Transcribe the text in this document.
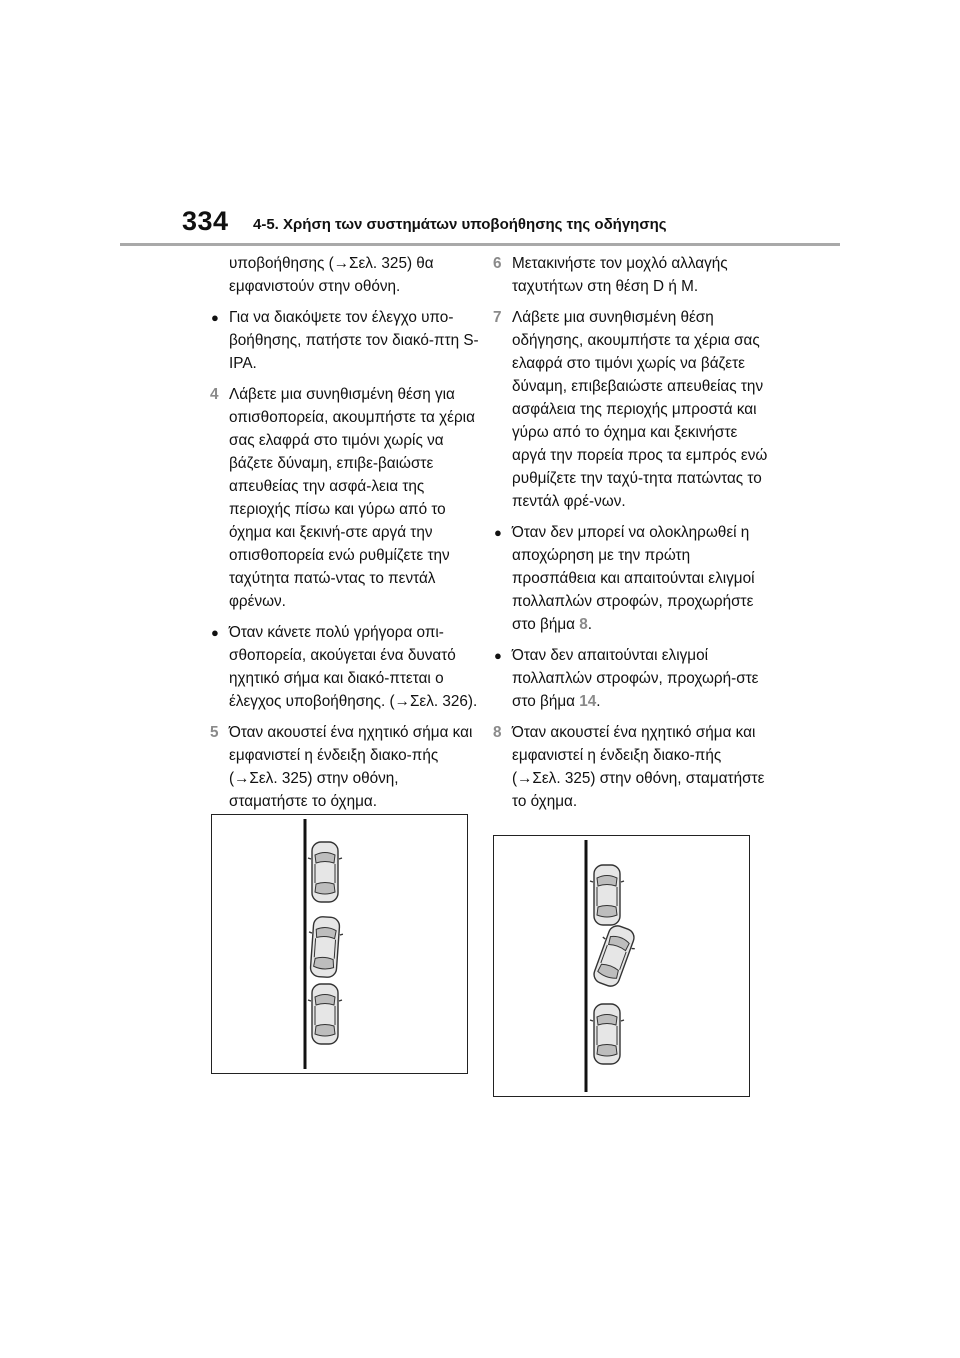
334 4-5. Χρήση των συστημάτων υποβοήθησης της οδήγησης

υποβοήθησης (→Σελ. 325) θα εμφανιστούν στην οθόνη.

● Για να διακόψετε τον έλεγχο υπο-βοήθησης, πατήστε τον διακό-πτη S-IPA.

4 Λάβετε μια συνηθισμένη θέση για οπισθοπορεία, ακουμπήστε τα χέρια σας ελαφρά στο τιμόνι χωρίς να βάζετε δύναμη, επιβε-βαιώστε απευθείας την ασφά-λεια της περιοχής πίσω και γύρω από το όχημα και ξεκινή-στε αργά την οπισθοπορεία ενώ ρυθμίζετε την ταχύτητα πατώ-ντας το πεντάλ φρένων.

● Όταν κάνετε πολύ γρήγορα οπι-σθοπορεία, ακούγεται ένα δυνατό ηχητικό σήμα και διακό-πτεται ο έλεγχος υποβοήθησης. (→Σελ. 326).

5 Όταν ακουστεί ένα ηχητικό σήμα και εμφανιστεί η ένδειξη διακο-πής (→Σελ. 325) στην οθόνη, σταματήστε το όχημα.

6 Μετακινήστε τον μοχλό αλλαγής ταχυτήτων στη θέση D ή M.

7 Λάβετε μια συνηθισμένη θέση οδήγησης, ακουμπήστε τα χέρια σας ελαφρά στο τιμόνι χωρίς να βάζετε δύναμη, επιβεβαιώστε απευθείας την ασφάλεια της περιοχής μπροστά και γύρω από το όχημα και ξεκινήστε αργά την πορεία προς τα εμπρός ενώ ρυθμίζετε την ταχύ-τητα πατώντας το πεντάλ φρέ-νων.

● Όταν δεν μπορεί να ολοκληρωθεί η αποχώρηση με την πρώτη προσπάθεια και απαιτούνται ελιγμοί πολλαπλών στροφών, προχωρήστε στο βήμα 8.

● Όταν δεν απαιτούνται ελιγμοί πολλαπλών στροφών, προχωρή-στε στο βήμα 14.

8 Όταν ακουστεί ένα ηχητικό σήμα και εμφανιστεί η ένδειξη διακο-πής (→Σελ. 325) στην οθόνη, σταματήστε το όχημα.
